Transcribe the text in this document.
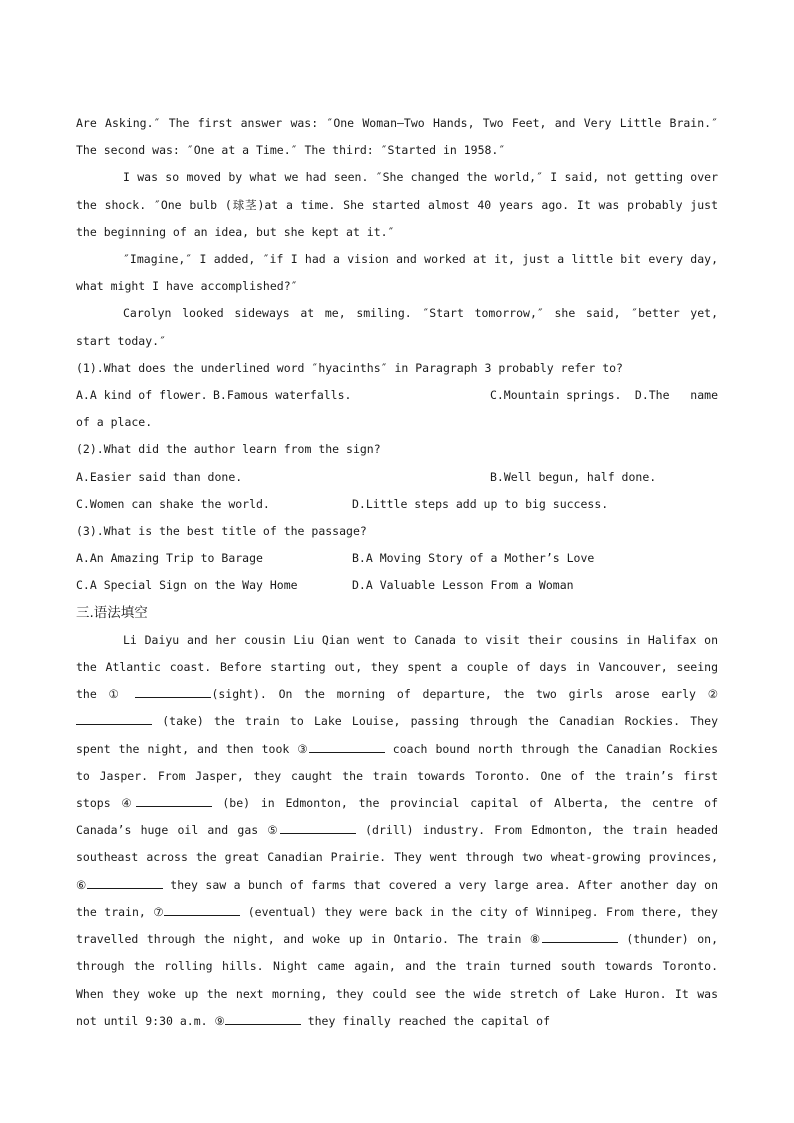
Are Asking.″ The first answer was: ″One Woman—Two Hands, Two Feet, and Very Little Brain.″ The second was: ″One at a Time.″ The third: ″Started in 1958.″

I was so moved by what we had seen. ″She changed the world,″ I said, not getting over the shock. ″One bulb (球茎)at a time. She started almost 40 years ago. It was probably just the beginning of an idea, but she kept at it.″

″Imagine,″ I added, ″if I had a vision and worked at it, just a little bit every day, what might I have accomplished?″

Carolyn looked sideways at me, smiling. ″Start tomorrow,″ she said, ″better yet, start today.″

(1).What does the underlined word ″hyacinths″ in Paragraph 3 probably refer to?
A.A kind of flower. B.Famous waterfalls.	C.Mountain springs.	D.The   name
of a place.
(2).What did the author learn from the sign?
A.Easier said than done.	B.Well begun, half done.
C.Women can shake the world.	D.Little steps add up to big success.
(3).What is the best title of the passage?
A.An Amazing Trip to Barage	B.A Moving Story of a Mother’s Love
C.A Special Sign on the Way Home	D.A Valuable Lesson From a Woman

三.语法填空

Li Daiyu and her cousin Liu Qian went to Canada to visit their cousins in Halifax on the Atlantic coast. Before starting out, they spent a couple of days in Vancouver, seeing the ①	(sight). On the morning of departure, the two girls arose early ② (take) the train to Lake Louise, passing through the Canadian Rockies. They spent the night, and then took ③	coach bound north through the Canadian Rockies to Jasper. From Jasper, they caught the train towards Toronto. One of the train’s first stops ④	(be) in Edmonton, the provincial capital of Alberta, the centre of Canada’s huge oil and gas ⑤	(drill) industry. From Edmonton, the train headed southeast across the great Canadian Prairie. They went through two wheat-growing provinces, ⑥	they saw a bunch of farms that covered a very large area. After another day on the train, ⑦	(eventual) they were back in the city of Winnipeg. From there, they travelled through the night, and woke up in Ontario. The train ⑧	(thunder) on, through the rolling hills. Night came again, and the train turned south towards Toronto. When they woke up the next morning, they could see the wide stretch of Lake Huron. It was not until 9:30 a.m. ⑨	they finally reached the capital of
